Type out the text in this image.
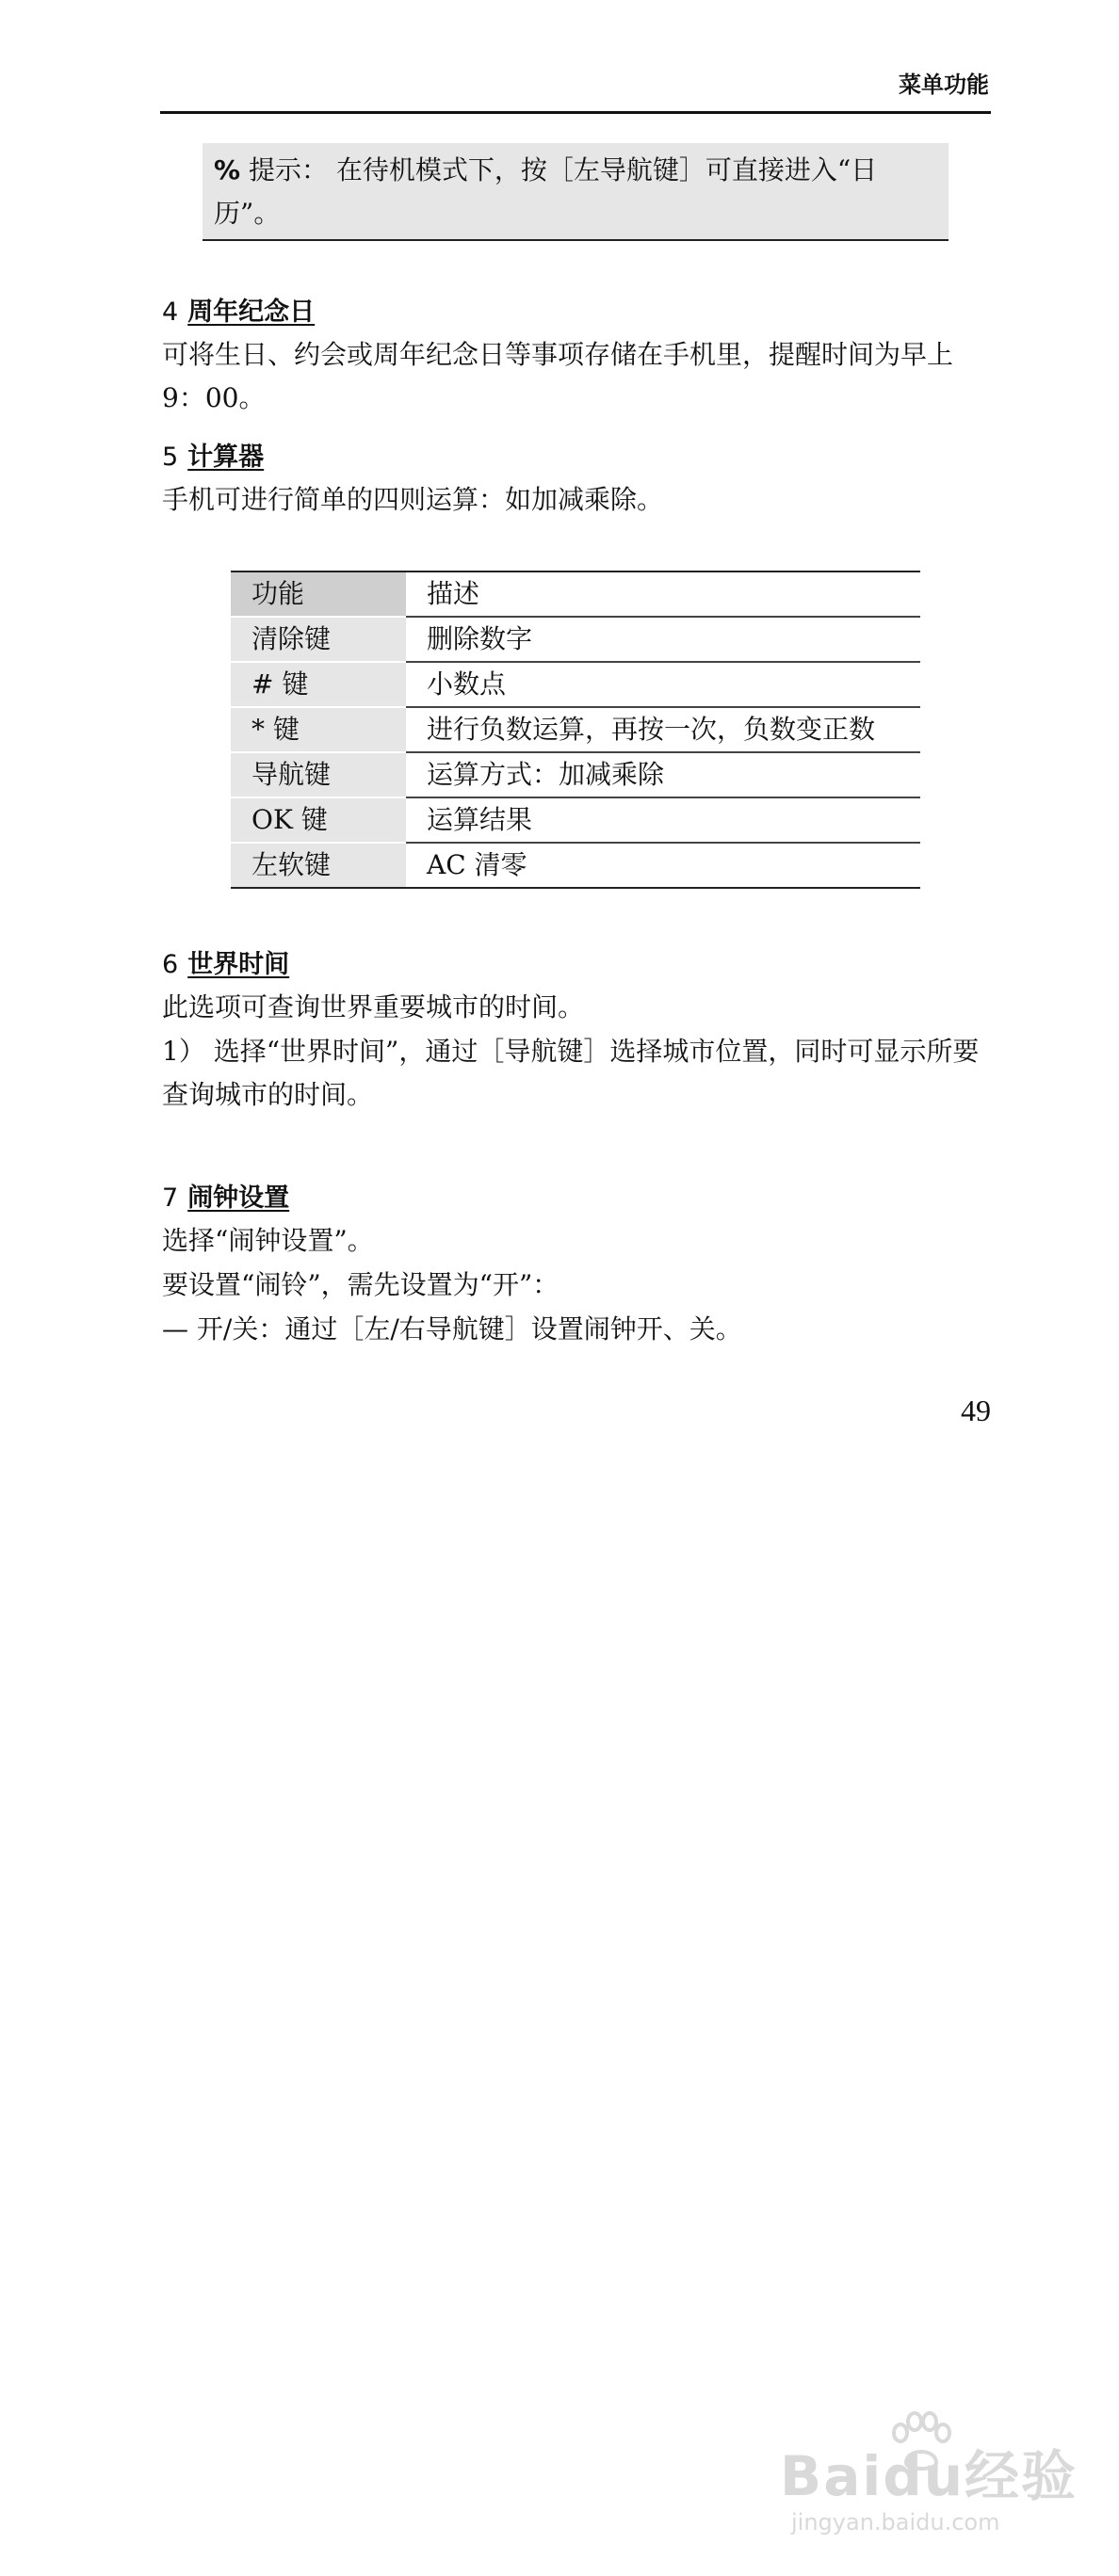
菜单功能
% 提示： 在待机模式下，按［左导航键］可直接进入“日历”。
4 周年纪念日
可将生日、约会或周年纪念日等事项存储在手机里，提醒时间为早上 9：00。
5 计算器
手机可进行简单的四则运算：如加减乘除。
功能	描述
清除键	删除数字
# 键	小数点
* 键	进行负数运算，再按一次，负数变正数
导航键	运算方式：加减乘除
OK 键	运算结果
左软键	AC 清零
6 世界时间
此选项可查询世界重要城市的时间。
1） 选择“世界时间”，通过［导航键］选择城市位置，同时可显示所要查询城市的时间。
7 闹钟设置
选择“闹钟设置”。
要设置“闹铃”，需先设置为“开”：
— 开/关：通过［左/右导航键］设置闹钟开、关。
49
Baidu经验
jingyan.baidu.com
